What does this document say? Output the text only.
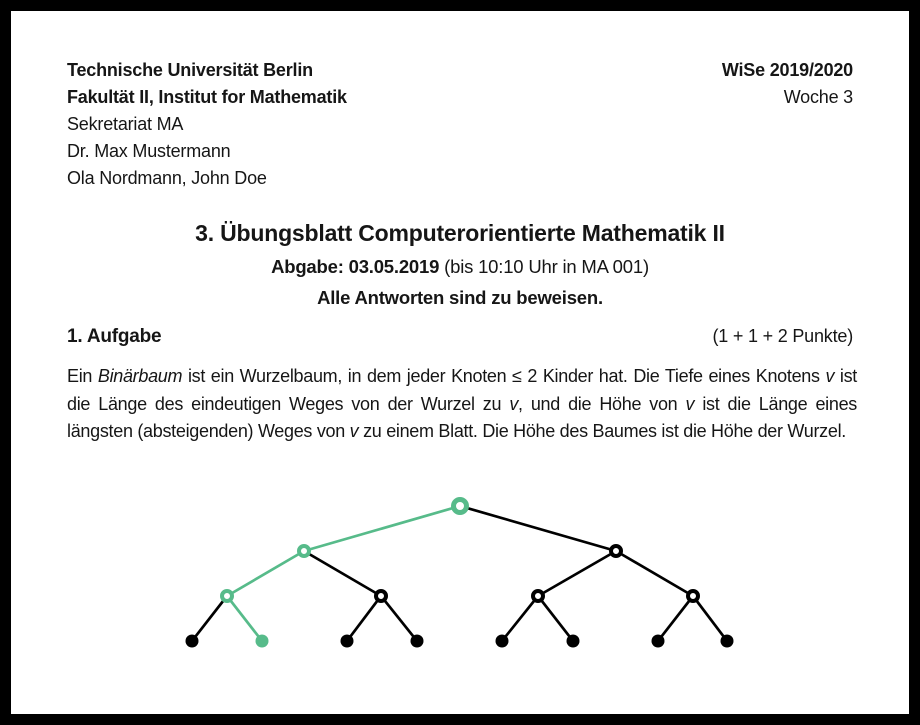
Technische Universität Berlin
Fakultät II, Institut for Mathematik
Sekretariat MA
Dr. Max Mustermann
Ola Nordmann, John Doe
WiSe 2019/2020
Woche 3
3. Übungsblatt Computerorientierte Mathematik II
Abgabe: 03.05.2019 (bis 10:10 Uhr in MA 001)
Alle Antworten sind zu beweisen.
1. Aufgabe	(1 + 1 + 2 Punkte)

Ein Binärbaum ist ein Wurzelbaum, in dem jeder Knoten ≤ 2 Kinder hat. Die Tiefe eines Knotens v ist die Länge des eindeutigen Weges von der Wurzel zu v, und die Höhe von v ist die Länge eines längsten (absteigenden) Weges von v zu einem Blatt. Die Höhe des Baumes ist die Höhe der Wurzel.
